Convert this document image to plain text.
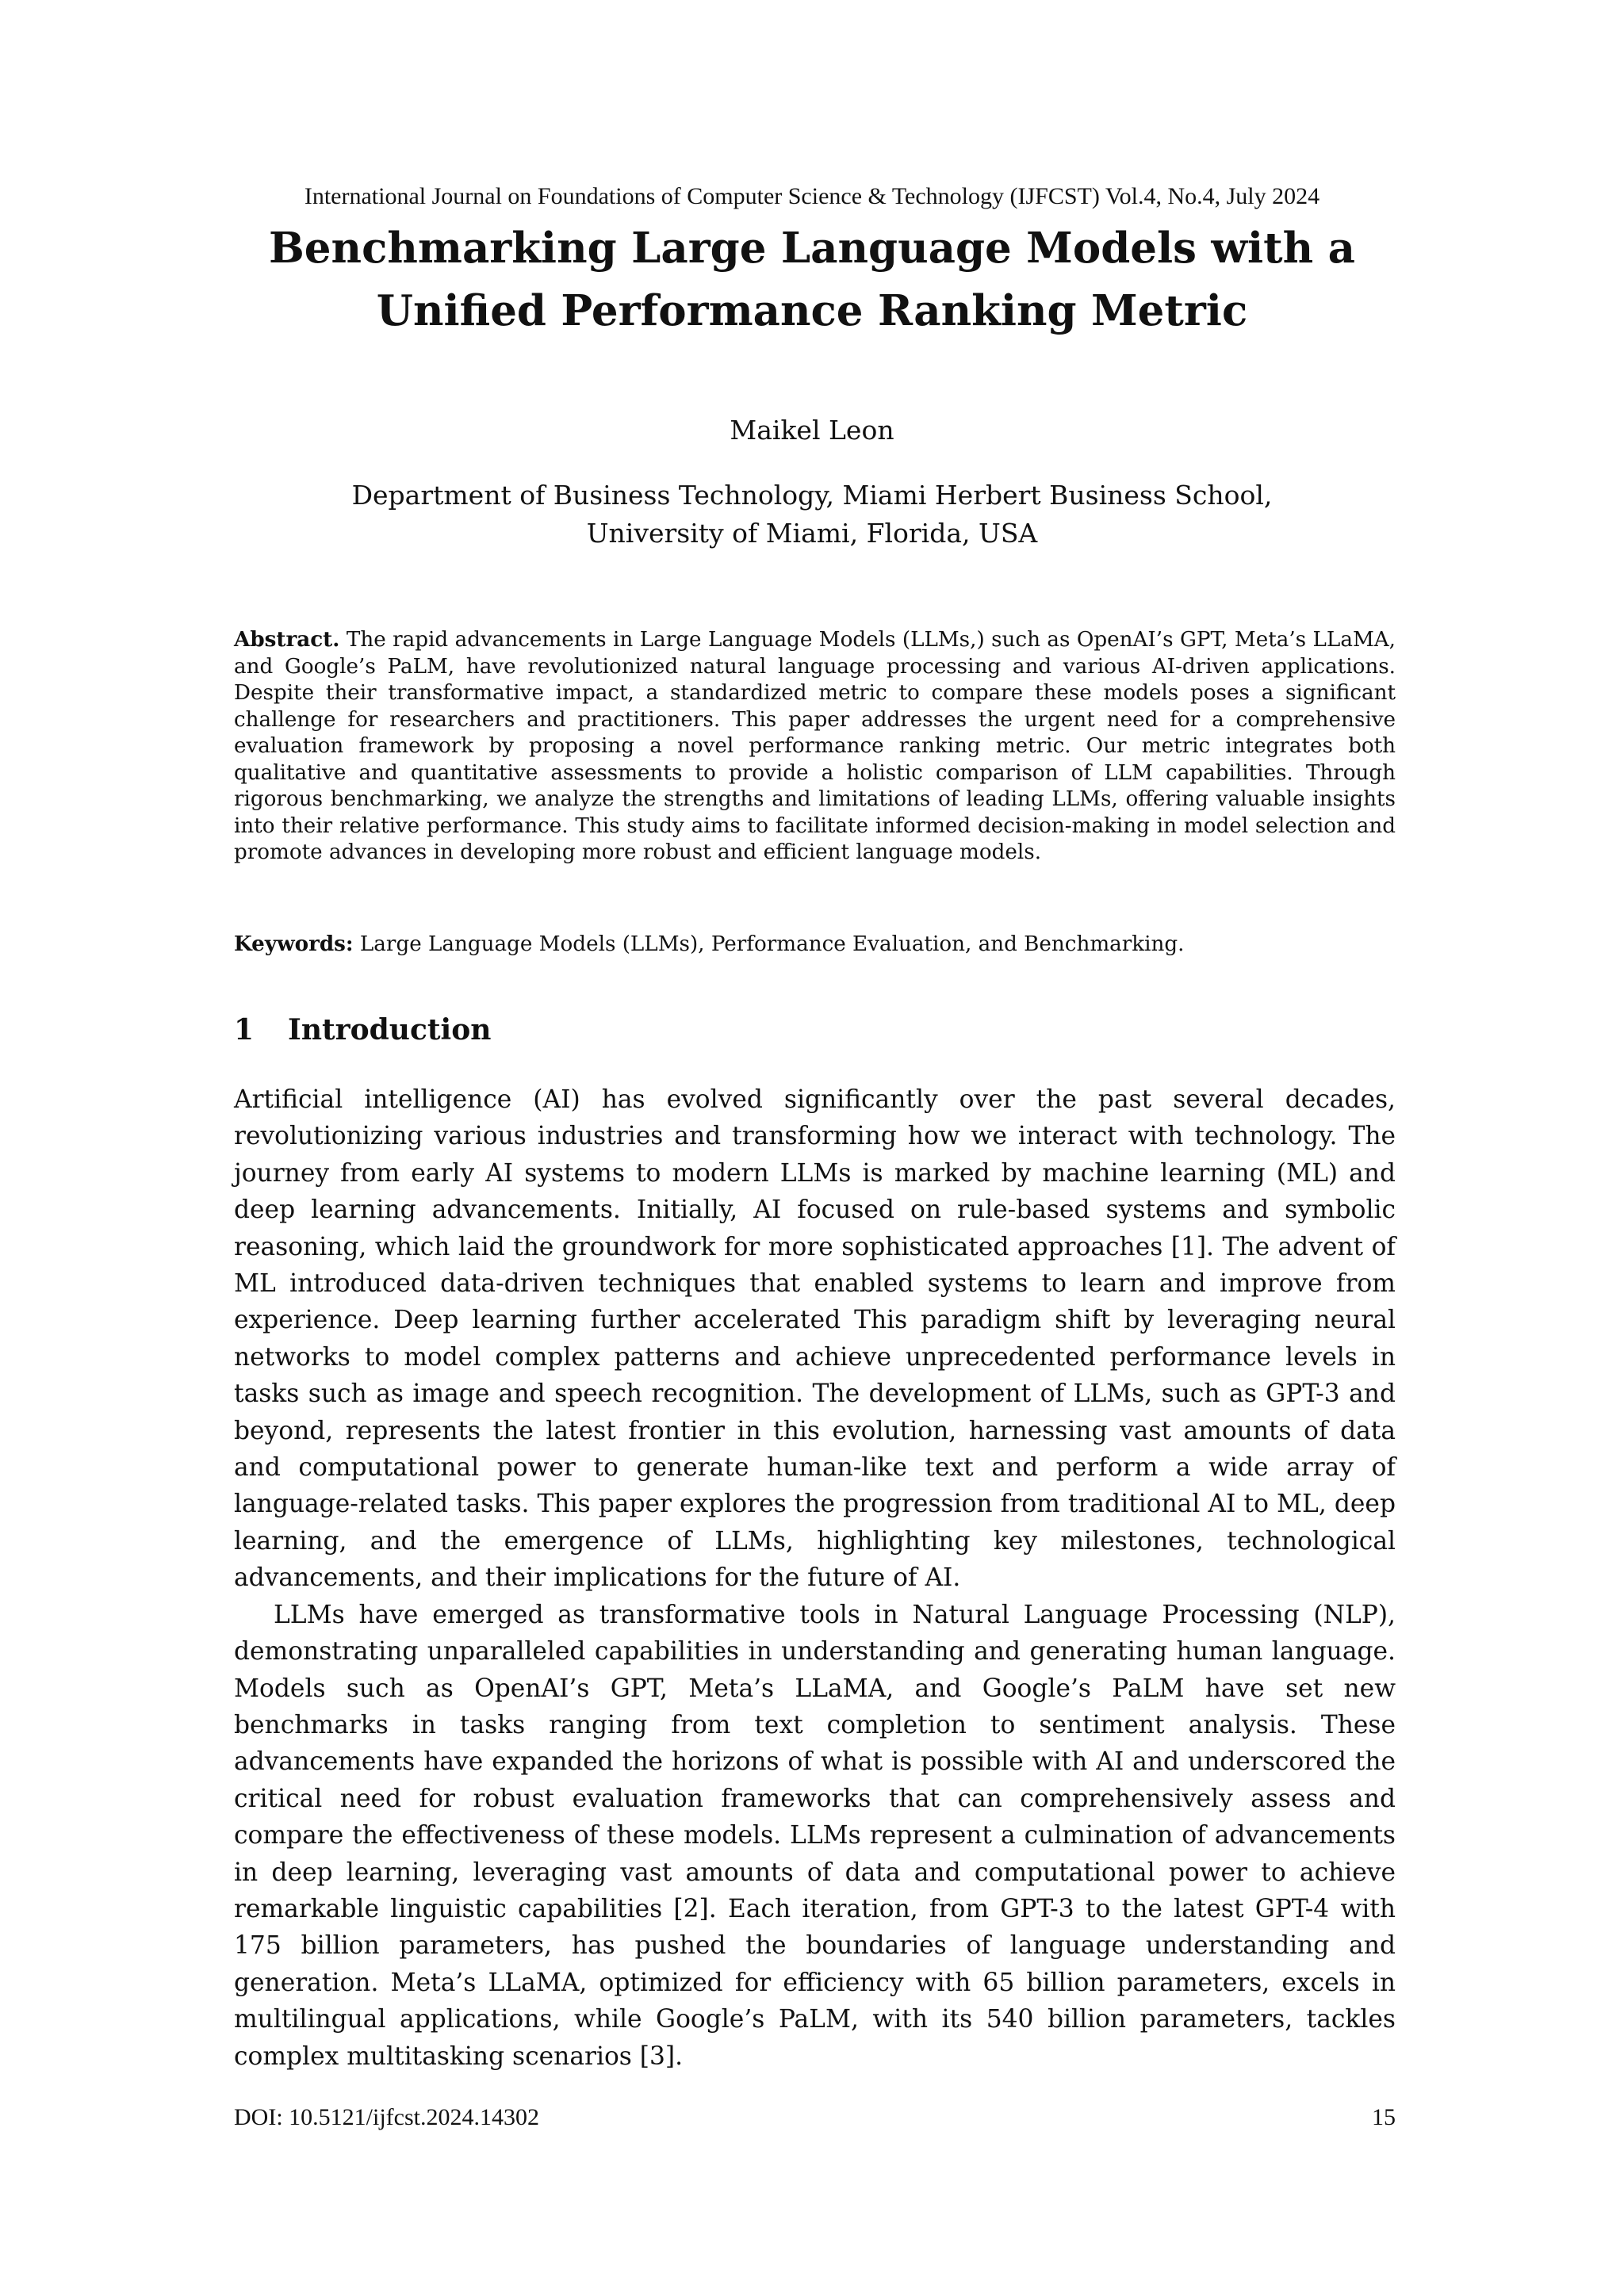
International Journal on Foundations of Computer Science & Technology (IJFCST) Vol.4, No.4, July 2024
Benchmarking Large Language Models with a Unified Performance Ranking Metric
Maikel Leon
Department of Business Technology, Miami Herbert Business School,
University of Miami, Florida, USA
Abstract. The rapid advancements in Large Language Models (LLMs,) such as OpenAI’s GPT, Meta’s LLaMA, and Google’s PaLM, have revolutionized natural language processing and various AI-driven applications. Despite their transformative impact, a standardized metric to compare these models poses a significant challenge for researchers and practitioners. This paper addresses the urgent need for a comprehensive evaluation framework by proposing a novel performance ranking metric. Our metric integrates both qualitative and quantitative assessments to provide a holistic comparison of LLM capabilities. Through rigorous benchmarking, we analyze the strengths and limitations of leading LLMs, offering valuable insights into their relative performance. This study aims to facilitate informed decision-making in model selection and promote advances in developing more robust and efficient language models.
Keywords: Large Language Models (LLMs), Performance Evaluation, and Benchmarking.
1 Introduction

Artificial intelligence (AI) has evolved significantly over the past several decades, revolutionizing various industries and transforming how we interact with technology. The journey from early AI systems to modern LLMs is marked by machine learning (ML) and deep learning advancements. Initially, AI focused on rule-based systems and symbolic reasoning, which laid the groundwork for more sophisticated approaches [1]. The advent of ML introduced data-driven techniques that enabled systems to learn and improve from experience. Deep learning further accelerated This paradigm shift by leveraging neural networks to model complex patterns and achieve unprecedented performance levels in tasks such as image and speech recognition. The development of LLMs, such as GPT-3 and beyond, represents the latest frontier in this evolution, harnessing vast amounts of data and computational power to generate human-like text and perform a wide array of language-related tasks. This paper explores the progression from traditional AI to ML, deep learning, and the emergence of LLMs, highlighting key milestones, technological advancements, and their implications for the future of AI.

LLMs have emerged as transformative tools in Natural Language Processing (NLP), demonstrating unparalleled capabilities in understanding and generating human language. Models such as OpenAI’s GPT, Meta’s LLaMA, and Google’s PaLM have set new benchmarks in tasks ranging from text completion to sentiment analysis. These advancements have expanded the horizons of what is possible with AI and underscored the critical need for robust evaluation frameworks that can comprehensively assess and compare the effectiveness of these models. LLMs represent a culmination of advancements in deep learning, leveraging vast amounts of data and computational power to achieve remarkable linguistic capabilities [2]. Each iteration, from GPT-3 to the latest GPT-4 with 175 billion parameters, has pushed the boundaries of language understanding and generation. Meta’s LLaMA, optimized for efficiency with 65 billion parameters, excels in multilingual applications, while Google’s PaLM, with its 540 billion parameters, tackles complex multitasking scenarios [3].

DOI: 10.5121/ijfcst.2024.14302	15
